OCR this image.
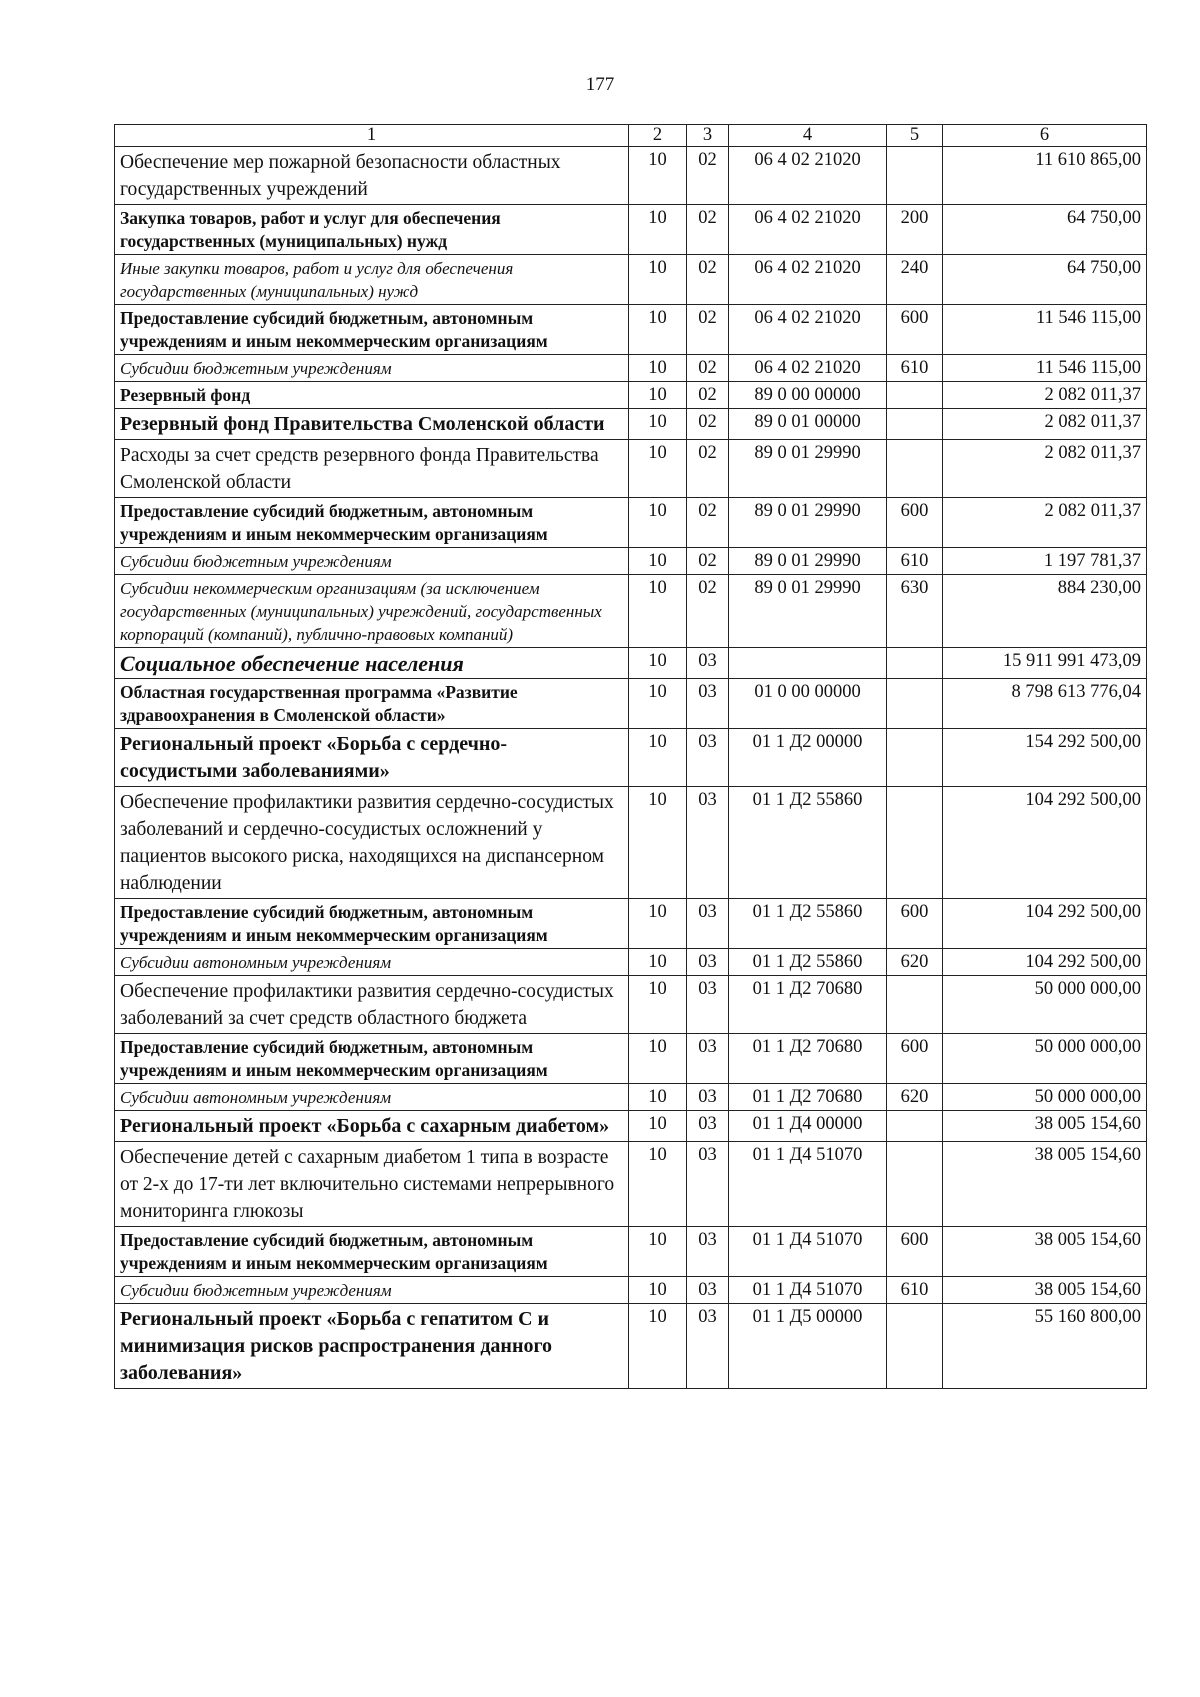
177
1	2	3	4	5	6
Обеспечение мер пожарной безопасности областных государственных учреждений	10	02	06 4 02 21020		11 610 865,00
Закупка товаров, работ и услуг для обеспечения государственных (муниципальных) нужд	10	02	06 4 02 21020	200	64 750,00
Иные закупки товаров, работ и услуг для обеспечения государственных (муниципальных) нужд	10	02	06 4 02 21020	240	64 750,00
Предоставление субсидий бюджетным, автономным учреждениям и иным некоммерческим организациям	10	02	06 4 02 21020	600	11 546 115,00
Субсидии бюджетным учреждениям	10	02	06 4 02 21020	610	11 546 115,00
Резервный фонд	10	02	89 0 00 00000		2 082 011,37
Резервный фонд Правительства Смоленской области	10	02	89 0 01 00000		2 082 011,37
Расходы за счет средств резервного фонда Правительства Смоленской области	10	02	89 0 01 29990		2 082 011,37
Предоставление субсидий бюджетным, автономным учреждениям и иным некоммерческим организациям	10	02	89 0 01 29990	600	2 082 011,37
Субсидии бюджетным учреждениям	10	02	89 0 01 29990	610	1 197 781,37
Субсидии некоммерческим организациям (за исключением государственных (муниципальных) учреждений, государственных корпораций (компаний), публично-правовых компаний)	10	02	89 0 01 29990	630	884 230,00
Социальное обеспечение населения	10	03			15 911 991 473,09
Областная государственная программа «Развитие здравоохранения в Смоленской области»	10	03	01 0 00 00000		8 798 613 776,04
Региональный проект «Борьба с сердечно-сосудистыми заболеваниями»	10	03	01 1 Д2 00000		154 292 500,00
Обеспечение профилактики развития сердечно-сосудистых заболеваний и сердечно-сосудистых осложнений у пациентов высокого риска, находящихся на диспансерном наблюдении	10	03	01 1 Д2 55860		104 292 500,00
Предоставление субсидий бюджетным, автономным учреждениям и иным некоммерческим организациям	10	03	01 1 Д2 55860	600	104 292 500,00
Субсидии автономным учреждениям	10	03	01 1 Д2 55860	620	104 292 500,00
Обеспечение профилактики развития сердечно-сосудистых заболеваний за счет средств областного бюджета	10	03	01 1 Д2 70680		50 000 000,00
Предоставление субсидий бюджетным, автономным учреждениям и иным некоммерческим организациям	10	03	01 1 Д2 70680	600	50 000 000,00
Субсидии автономным учреждениям	10	03	01 1 Д2 70680	620	50 000 000,00
Региональный проект «Борьба с сахарным диабетом»	10	03	01 1 Д4 00000		38 005 154,60
Обеспечение детей с сахарным диабетом 1 типа в возрасте от 2-х до 17-ти лет включительно системами непрерывного мониторинга глюкозы	10	03	01 1 Д4 51070		38 005 154,60
Предоставление субсидий бюджетным, автономным учреждениям и иным некоммерческим организациям	10	03	01 1 Д4 51070	600	38 005 154,60
Субсидии бюджетным учреждениям	10	03	01 1 Д4 51070	610	38 005 154,60
Региональный проект «Борьба с гепатитом С и минимизация рисков распространения данного заболевания»	10	03	01 1 Д5 00000		55 160 800,00
